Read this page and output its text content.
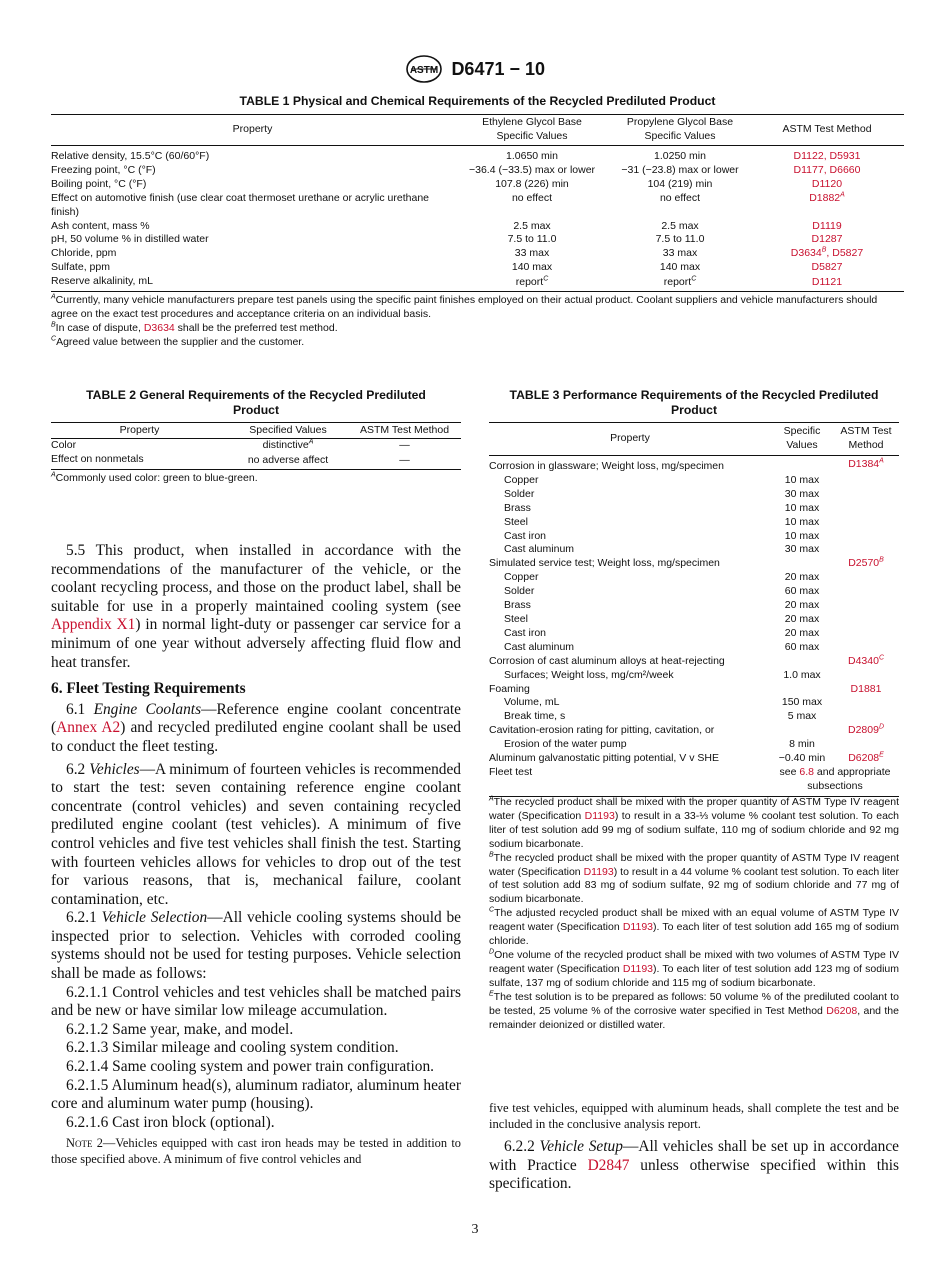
ASTM D6471 − 10
TABLE 1 Physical and Chemical Requirements of the Recycled Prediluted Product
Property	Ethylene Glycol Base Specific Values	Propylene Glycol Base Specific Values	ASTM Test Method
Relative density, 15.5°C (60/60°F)	1.0650 min	1.0250 min	D1122, D5931
Freezing point, °C (°F)	−36.4 (−33.5) max or lower	−31 (−23.8) max or lower	D1177, D6660
Boiling point, °C (°F)	107.8 (226) min	104 (219) min	D1120
Effect on automotive finish (use clear coat thermoset urethane or acrylic urethane finish)	no effect	no effect	$D1882^A$
Ash content, mass %	2.5 max	2.5 max	D1119
pH, 50 volume % in distilled water	7.5 to 11.0	7.5 to 11.0	D1287
Chloride, ppm	33 max	33 max	$D3634^B$, D5827
Sulfate, ppm	140 max	140 max	D5827
Reserve alkalinity, mL	report$^C$	report$^C$	D1121

$^A$Currently, many vehicle manufacturers prepare test panels using the specific paint finishes employed on their actual product. Coolant suppliers and vehicle manufacturers should agree on the exact test procedures and acceptance criteria on an individual basis.

$^B$In case of dispute, D3634 shall be the preferred test method.

$^C$Agreed value between the supplier and the customer.

TABLE 2 General Requirements of the Recycled Prediluted Product
Property	Specified Values	ASTM Test Method
Color	distinctive$^A$	—
Effect on nonmetals	no adverse affect	—

$^A$Commonly used color: green to blue-green.

TABLE 3 Performance Requirements of the Recycled Prediluted Product
Property	Specific Values	ASTM Test Method
Corrosion in glassware; Weight loss, mg/specimen		$D1384^A$
Copper	10 max	
Solder	30 max	
Brass	10 max	
Steel	10 max	
Cast iron	10 max	
Cast aluminum	30 max	
Simulated service test; Weight loss, mg/specimen		$D2570^B$
Copper	20 max	
Solder	60 max	
Brass	20 max	
Steel	20 max	
Cast iron	20 max	
Cast aluminum	60 max	
Corrosion of cast aluminum alloys at heat-rejecting		$D4340^C$
Surfaces; Weight loss, mg/cm²/week	1.0 max	
Foaming		D1881
Volume, mL	150 max	
Break time, s	5 max	
Cavitation-erosion rating for pitting, cavitation, or		$D2809^D$
Erosion of the water pump	8 min	
Aluminum galvanostatic pitting potential, V v SHE	−0.40 min	$D6208^E$
Fleet test	see 6.8 and appropriate subsections	

$^A$The recycled product shall be mixed with the proper quantity of ASTM Type IV reagent water (Specification D1193) to result in a 33-⅓ volume % coolant test solution. To each liter of test solution add 99 mg of sodium sulfate, 110 mg of sodium chloride and 92 mg sodium bicarbonate.

$^B$The recycled product shall be mixed with the proper quantity of ASTM Type IV reagent water (Specification D1193) to result in a 44 volume % coolant test solution. To each liter of test solution add 83 mg of sodium sulfate, 92 mg of sodium chloride and 77 mg of sodium bicarbonate.

$^C$The adjusted recycled product shall be mixed with an equal volume of ASTM Type IV reagent water (Specification D1193). To each liter of test solution add 165 mg of sodium chloride.

$^D$One volume of the recycled product shall be mixed with two volumes of ASTM Type IV reagent water (Specification D1193). To each liter of test solution add 123 mg of sodium sulfate, 137 mg of sodium chloride and 115 mg of sodium bicarbonate.

$^E$The test solution is to be prepared as follows: 50 volume % of the prediluted coolant to be tested, 25 volume % of the corrosive water specified in Test Method D6208, and the remainder deionized or distilled water.

5.5 This product, when installed in accordance with the recommendations of the manufacturer of the vehicle, or the coolant recycling process, and those on the product label, shall be suitable for use in a properly maintained cooling system (see Appendix X1) in normal light-duty or passenger car service for a minimum of one year without adversely affecting fluid flow and heat transfer.

6. Fleet Testing Requirements

6.1 Engine Coolants—Reference engine coolant concentrate (Annex A2) and recycled prediluted engine coolant shall be used to conduct the fleet testing.

6.2 Vehicles—A minimum of fourteen vehicles is recommended to start the test: seven containing reference engine coolant concentrate (control vehicles) and seven containing recycled prediluted engine coolant (test vehicles). A minimum of five control vehicles and five test vehicles shall finish the test. Starting with fourteen vehicles allows for vehicles to drop out of the test for various reasons, that is, mechanical failure, coolant contamination, etc.

6.2.1 Vehicle Selection—All vehicle cooling systems should be inspected prior to selection. Vehicles with corroded cooling systems should not be used for testing purposes. Vehicle selection shall be made as follows:

6.2.1.1 Control vehicles and test vehicles shall be matched pairs and be new or have similar low mileage accumulation.

6.2.1.2 Same year, make, and model.

6.2.1.3 Similar mileage and cooling system condition.

6.2.1.4 Same cooling system and power train configuration.

6.2.1.5 Aluminum head(s), aluminum radiator, aluminum heater core and aluminum water pump (housing).

6.2.1.6 Cast iron block (optional).

Note 2—Vehicles equipped with cast iron heads may be tested in addition to those specified above. A minimum of five control vehicles and

five test vehicles, equipped with aluminum heads, shall complete the test and be included in the conclusive analysis report.

6.2.2 Vehicle Setup—All vehicles shall be set up in accordance with Practice D2847 unless otherwise specified within this specification.

3
